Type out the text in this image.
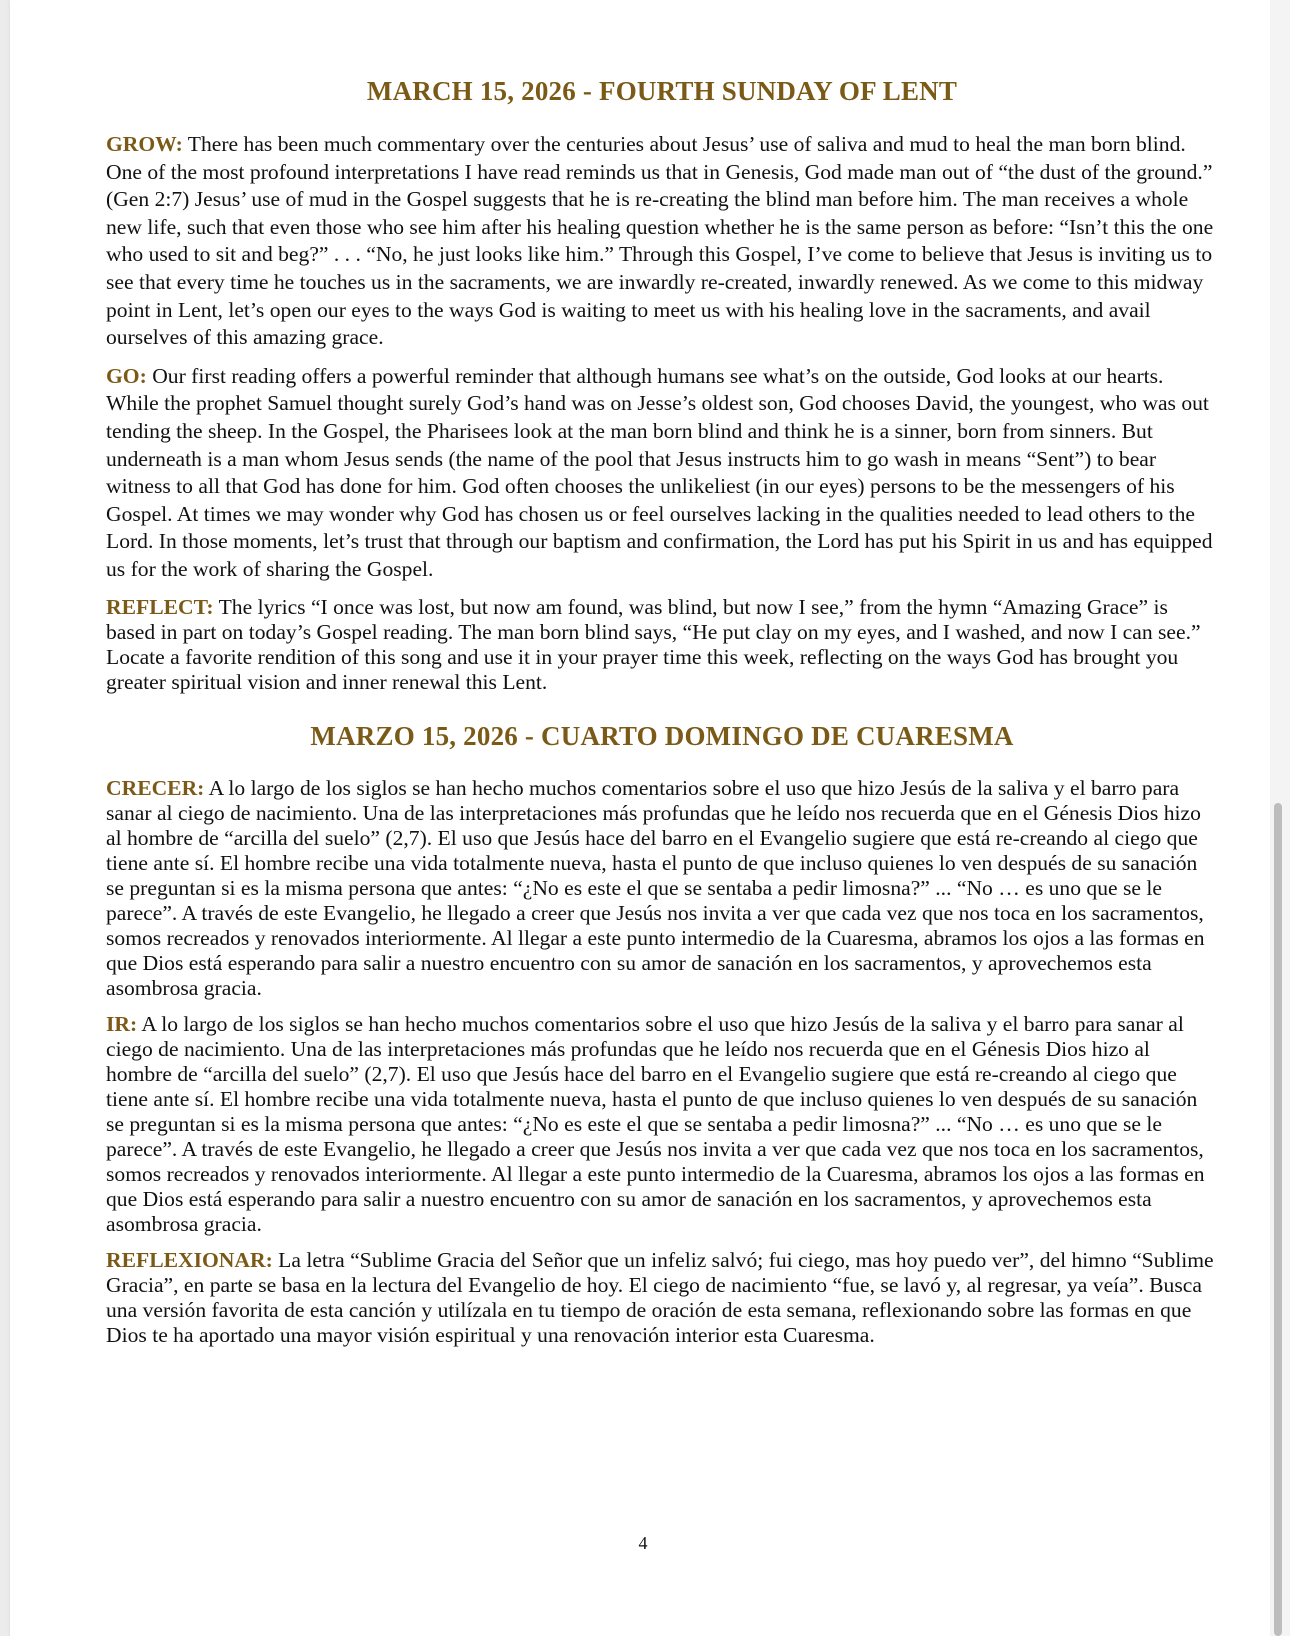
MARCH 15, 2026 - FOURTH SUNDAY OF LENT

GROW: There has been much commentary over the centuries about Jesus’ use of saliva and mud to heal the man born blind. One of the most profound interpretations I have read reminds us that in Genesis, God made man out of “the dust of the ground.” (Gen 2:7) Jesus’ use of mud in the Gospel suggests that he is re-creating the blind man before him. The man receives a whole new life, such that even those who see him after his healing question whether he is the same person as before: “Isn’t this the one who used to sit and beg?” . . . “No, he just looks like him.” Through this Gospel, I’ve come to believe that Jesus is inviting us to see that every time he touches us in the sacraments, we are inwardly re-created, inwardly renewed. As we come to this midway point in Lent, let’s open our eyes to the ways God is waiting to meet us with his healing love in the sacraments, and avail ourselves of this amazing grace.

GO: Our first reading offers a powerful reminder that although humans see what’s on the outside, God looks at our hearts. While the prophet Samuel thought surely God’s hand was on Jesse’s oldest son, God chooses David, the youngest, who was out tending the sheep. In the Gospel, the Pharisees look at the man born blind and think he is a sinner, born from sinners. But underneath is a man whom Jesus sends (the name of the pool that Jesus instructs him to go wash in means “Sent”) to bear witness to all that God has done for him. God often chooses the unlikeliest (in our eyes) persons to be the messengers of his Gospel. At times we may wonder why God has chosen us or feel ourselves lacking in the qualities needed to lead others to the Lord. In those moments, let’s trust that through our baptism and confirmation, the Lord has put his Spirit in us and has equipped us for the work of sharing the Gospel.

REFLECT: The lyrics “I once was lost, but now am found, was blind, but now I see,” from the hymn “Amazing Grace” is based in part on today’s Gospel reading. The man born blind says, “He put clay on my eyes, and I washed, and now I can see.” Locate a favorite rendition of this song and use it in your prayer time this week, reflecting on the ways God has brought you greater spiritual vision and inner renewal this Lent.

MARZO 15, 2026 - CUARTO DOMINGO DE CUARESMA

CRECER: A lo largo de los siglos se han hecho muchos comentarios sobre el uso que hizo Jesús de la saliva y el barro para sanar al ciego de nacimiento. Una de las interpretaciones más profundas que he leído nos recuerda que en el Génesis Dios hizo al hombre de “arcilla del suelo” (2,7). El uso que Jesús hace del barro en el Evangelio sugiere que está re-creando al ciego que tiene ante sí. El hombre recibe una vida totalmente nueva, hasta el punto de que incluso quienes lo ven después de su sanación se preguntan si es la misma persona que antes: “¿No es este el que se sentaba a pedir limosna?” ... “No … es uno que se le parece”. A través de este Evangelio, he llegado a creer que Jesús nos invita a ver que cada vez que nos toca en los sacramentos, somos recreados y renovados interiormente. Al llegar a este punto intermedio de la Cuaresma, abramos los ojos a las formas en que Dios está esperando para salir a nuestro encuentro con su amor de sanación en los sacramentos, y aprovechemos esta asombrosa gracia.

IR: A lo largo de los siglos se han hecho muchos comentarios sobre el uso que hizo Jesús de la saliva y el barro para sanar al ciego de nacimiento. Una de las interpretaciones más profundas que he leído nos recuerda que en el Génesis Dios hizo al hombre de “arcilla del suelo” (2,7). El uso que Jesús hace del barro en el Evangelio sugiere que está re-creando al ciego que tiene ante sí. El hombre recibe una vida totalmente nueva, hasta el punto de que incluso quienes lo ven después de su sanación se preguntan si es la misma persona que antes: “¿No es este el que se sentaba a pedir limosna?” ... “No … es uno que se le parece”. A través de este Evangelio, he llegado a creer que Jesús nos invita a ver que cada vez que nos toca en los sacramentos, somos recreados y renovados interiormente. Al llegar a este punto intermedio de la Cuaresma, abramos los ojos a las formas en que Dios está esperando para salir a nuestro encuentro con su amor de sanación en los sacramentos, y aprovechemos esta asombrosa gracia.

REFLEXIONAR: La letra “Sublime Gracia del Señor que un infeliz salvó; fui ciego, mas hoy puedo ver”, del himno “Sublime Gracia”, en parte se basa en la lectura del Evangelio de hoy. El ciego de nacimiento “fue, se lavó y, al regresar, ya veía”. Busca una versión favorita de esta canción y utilízala en tu tiempo de oración de esta semana, reflexionando sobre las formas en que Dios te ha aportado una mayor visión espiritual y una renovación interior esta Cuaresma.

4
